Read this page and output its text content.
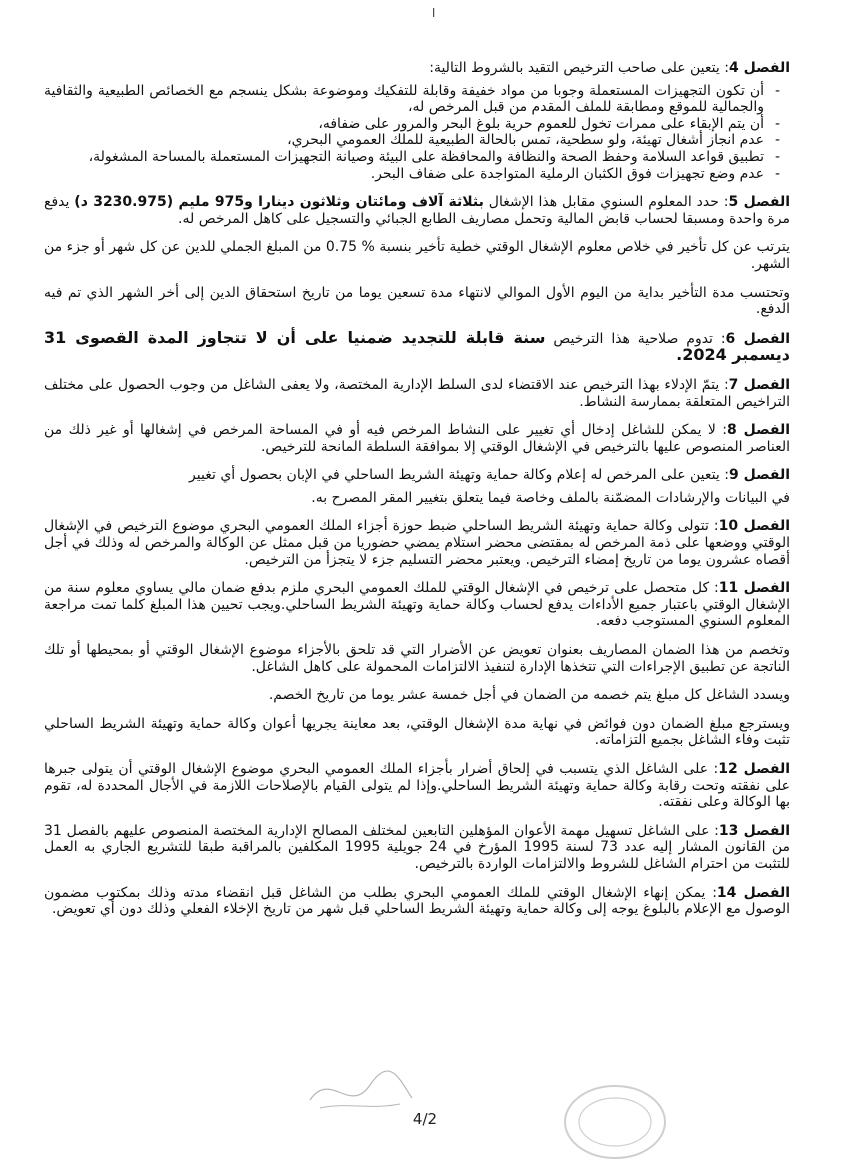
ا
الفصل 4: يتعين على صاحب الترخيص التقيد بالشروط التالية:
- أن تكون التجهيزات المستعملة وجوبا من مواد خفيفة وقابلة للتفكيك وموضوعة بشكل ينسجم مع الخصائص الطبيعية والثقافية والجمالية للموقع ومطابقة للملف المقدم من قبل المرخص له،
- أن يتم الإبقاء على ممرات تخول للعموم حرية بلوغ البحر والمرور على ضفافه،
- عدم انجاز أشغال تهيئة، ولو سطحية، تمس بالحالة الطبيعية للملك العمومي البحري،
- تطبيق قواعد السلامة وحفظ الصحة والنظافة والمحافظة على البيئة وصيانة التجهيزات المستعملة بالمساحة المشغولة،
- عدم وضع تجهيزات فوق الكثبان الرملية المتواجدة على ضفاف البحر.
الفصل 5: حدد المعلوم السنوي مقابل هذا الإشغال بثلاثة آلاف ومائتان وثلاثون دينارا و975 مليم (3230.975 د) يدفع مرة واحدة ومسبقا لحساب قابض المالية وتحمل مصاريف الطابع الجبائي والتسجيل على كاهل المرخص له.
يترتب عن كل تأخير في خلاص معلوم الإشغال الوقتي خطية تأخير بنسبة % 0.75 من المبلغ الجملي للدين عن كل شهر أو جزء من الشهر.
وتحتسب مدة التأخير بداية من اليوم الأول الموالي لانتهاء مدة تسعين يوما من تاريخ استحقاق الدين إلى أخر الشهر الذي تم فيه الدفع.
الفصل 6: تدوم صلاحية هذا الترخيص سنة قابلة للتجديد ضمنيا على أن لا تتجاوز المدة القصوى 31 ديسمبر 2024.
الفصل 7: يتمّ الإدلاء بهذا الترخيص عند الاقتضاء لدى السلط الإدارية المختصة، ولا يعفى الشاغل من وجوب الحصول على مختلف التراخيص المتعلقة بممارسة النشاط.
الفصل 8: لا يمكن للشاغل إدخال أي تغيير على النشاط المرخص فيه أو في المساحة المرخص في إشغالها أو غير ذلك من العناصر المنصوص عليها بالترخيص في الإشغال الوقتي إلا بموافقة السلطة المانحة للترخيص.
الفصل 9: يتعين على المرخص له إعلام وكالة حماية وتهيئة الشريط الساحلي في الإبان بحصول أي تغيير
في البيانات والإرشادات المضمّنة بالملف وخاصة فيما يتعلق بتغيير المقر المصرح به.
الفصل 10: تتولى وكالة حماية وتهيئة الشريط الساحلي ضبط حوزة أجزاء الملك العمومي البحري موضوع الترخيص في الإشغال الوقتي ووضعها على ذمة المرخص له بمقتضى محضر استلام يمضي حضوريا من قبل ممثل عن الوكالة والمرخص له وذلك في أجل أقصاه عشرون يوما من تاريخ إمضاء الترخيص. ويعتبر محضر التسليم جزء لا يتجزأ من الترخيص.
الفصل 11: كل متحصل على ترخيص في الإشغال الوقتي للملك العمومي البحري ملزم بدفع ضمان مالي يساوي معلوم سنة من الإشغال الوقتي باعتبار جميع الأداءات يدفع لحساب وكالة حماية وتهيئة الشريط الساحلي.ويجب تحيين هذا المبلغ كلما تمت مراجعة المعلوم السنوي المستوجب دفعه.
وتخصم من هذا الضمان المصاريف بعنوان تعويض عن الأضرار التي قد تلحق بالأجزاء موضوع الإشغال الوقتي أو بمحيطها أو تلك الناتجة عن تطبيق الإجراءات التي تتخذها الإدارة لتنفيذ الالتزامات المحمولة على كاهل الشاغل.
ويسدد الشاغل كل مبلغ يتم خصمه من الضمان في أجل خمسة عشر يوما من تاريخ الخصم.
ويسترجع مبلغ الضمان دون فوائض في نهاية مدة الإشغال الوقتي، بعد معاينة يجريها أعوان وكالة حماية وتهيئة الشريط الساحلي تثبت وفاء الشاغل بجميع التزاماته.
الفصل 12: على الشاغل الذي يتسبب في إلحاق أضرار بأجزاء الملك العمومي البحري موضوع الإشغال الوقتي أن يتولى جبرها على نفقته وتحت رقابة وكالة حماية وتهيئة الشريط الساحلي.وإذا لم يتولى القيام بالإصلاحات اللازمة في الأجال المحددة له، تقوم بها الوكالة وعلى نفقته.
الفصل 13: على الشاغل تسهيل مهمة الأعوان المؤهلين التابعين لمختلف المصالح الإدارية المختصة المنصوص عليهم بالفصل 31 من القانون المشار إليه عدد 73 لسنة 1995 المؤرخ في 24 جويلية 1995 المكلفين بالمراقبة طبقا للتشريع الجاري به العمل للتثبت من احترام الشاغل للشروط والالتزامات الواردة بالترخيص.
الفصل 14: يمكن إنهاء الإشغال الوقتي للملك العمومي البحري بطلب من الشاغل قبل انقضاء مدته وذلك بمكتوب مضمون الوصول مع الإعلام بالبلوغ يوجه إلى وكالة حماية وتهيئة الشريط الساحلي قبل شهر من تاريخ الإخلاء الفعلي وذلك دون أي تعويض.
4/2
